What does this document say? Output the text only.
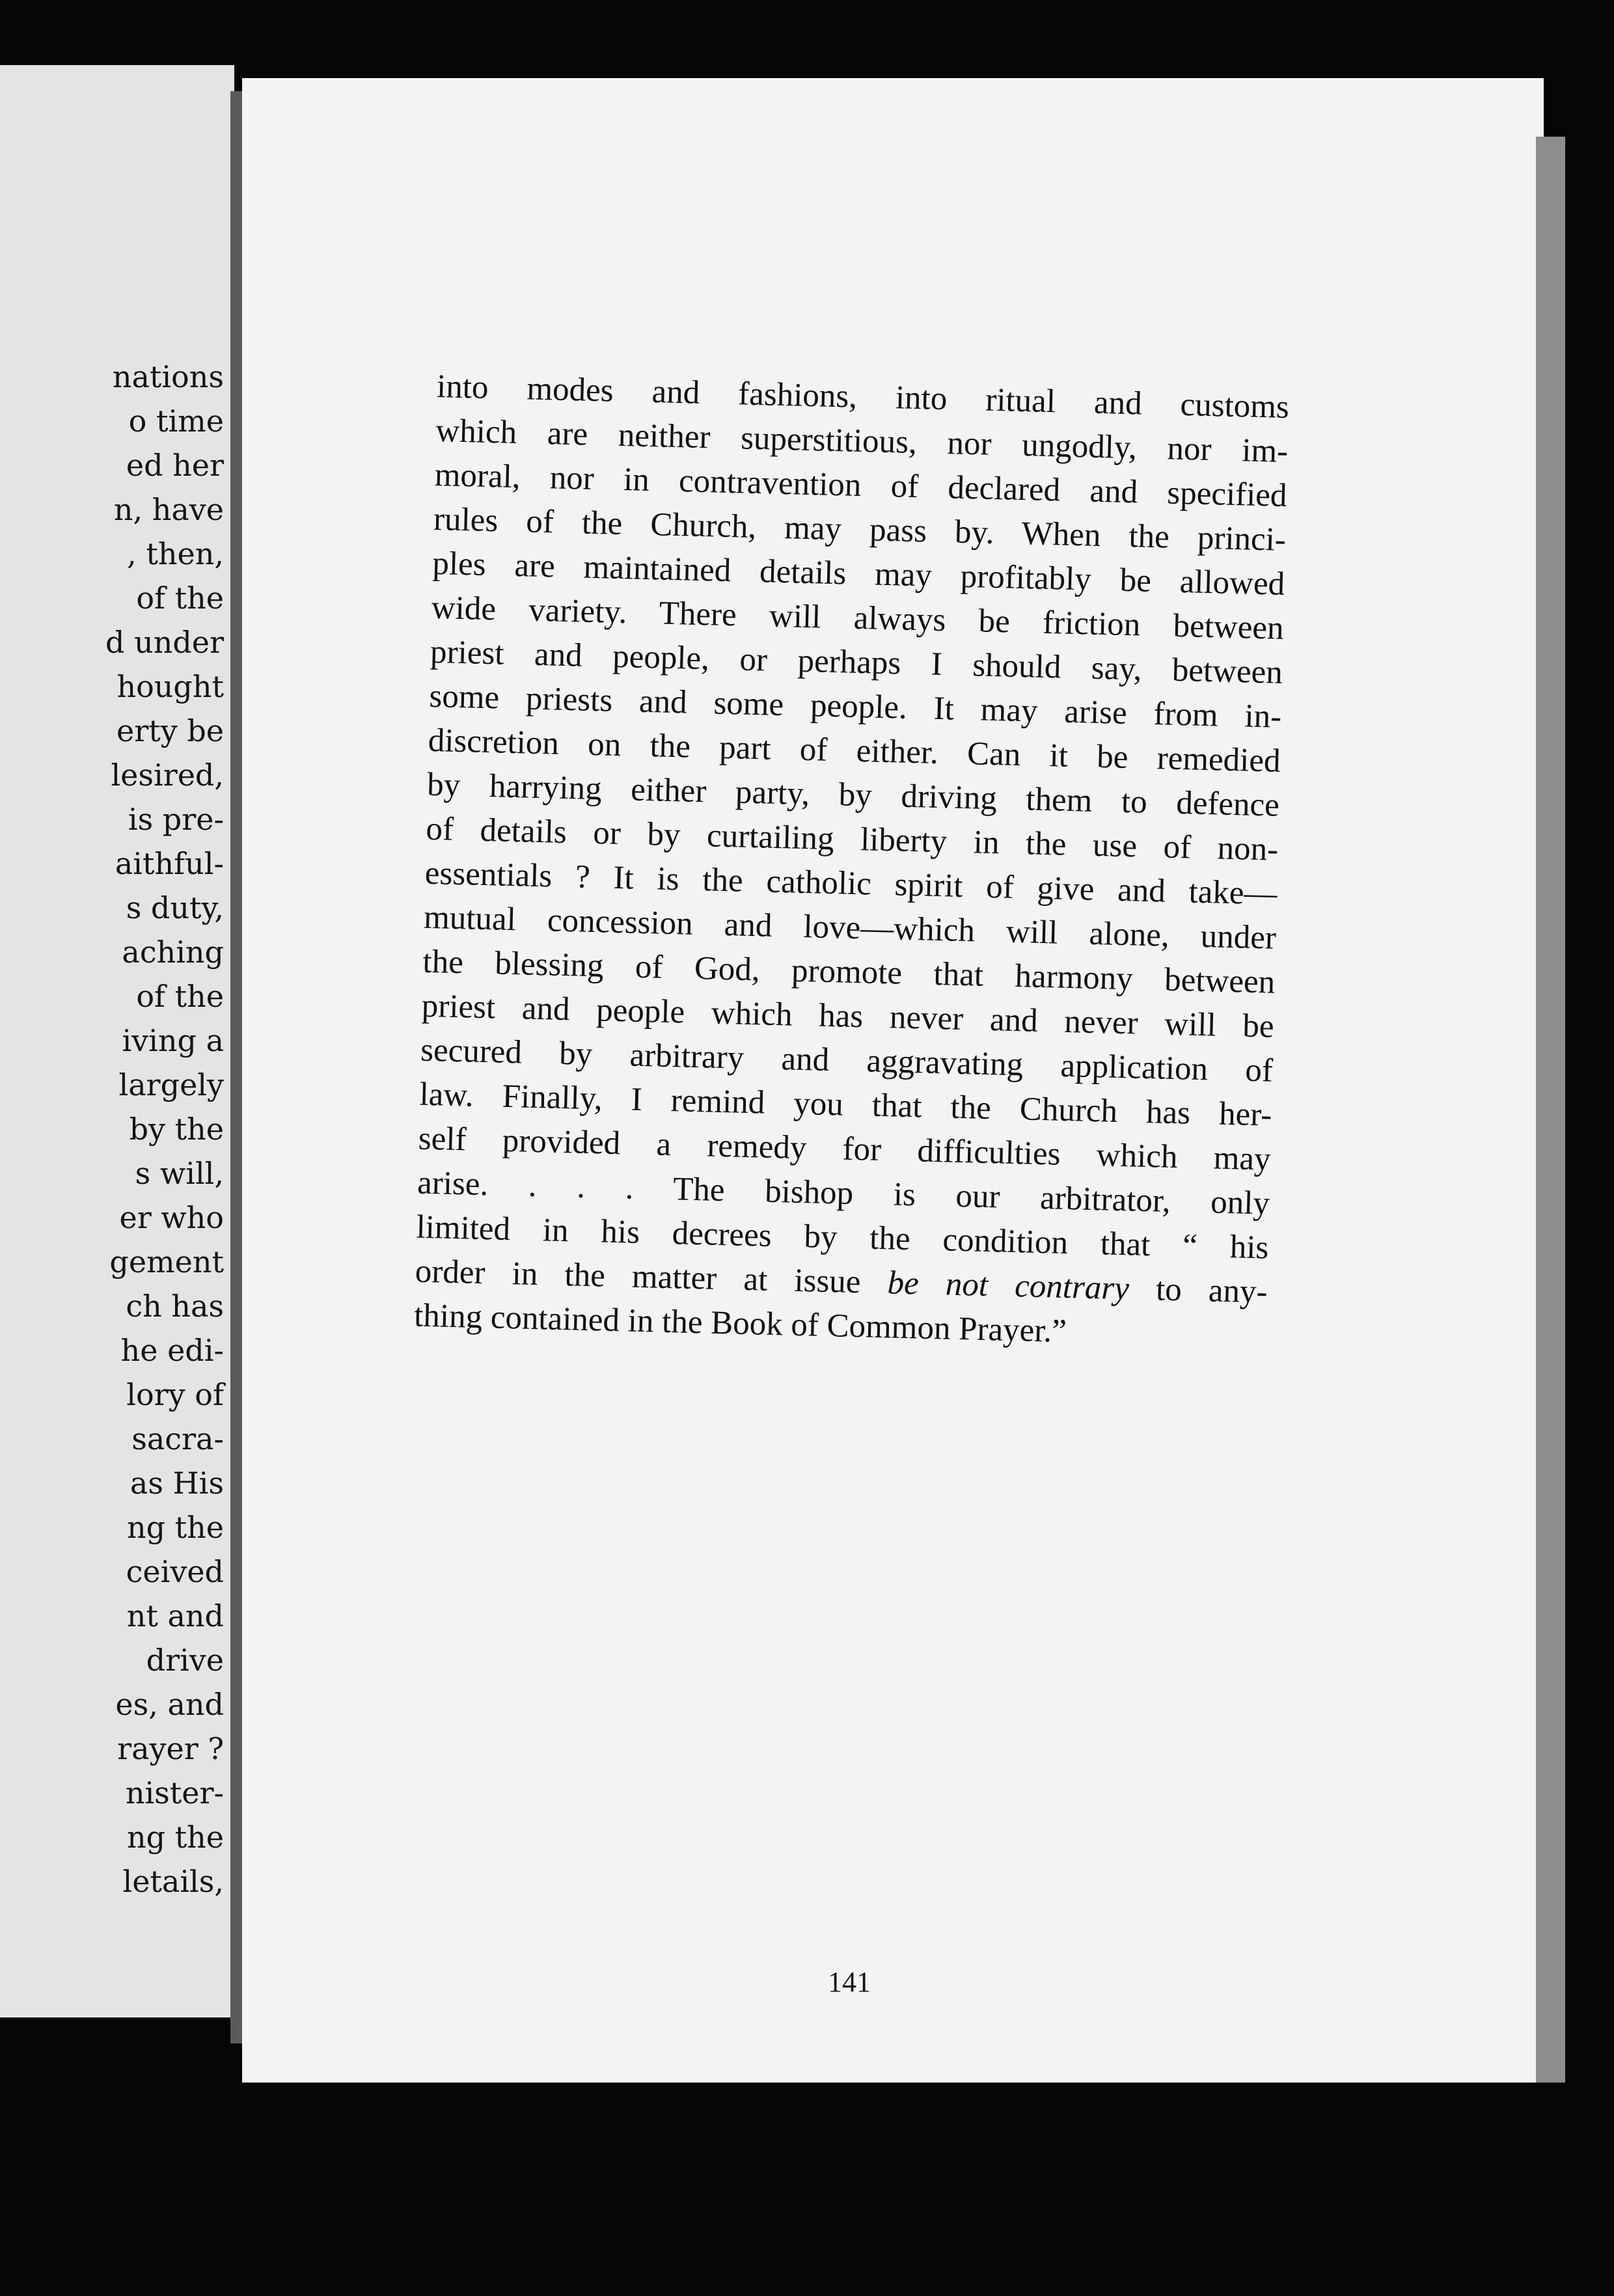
nations
o time
ed her
n, have
, then,
of the
d under
hought
erty be
lesired,
is pre-
aithful-
s duty,
aching
of the
iving a
largely
by the
s will,
er who
gement
ch has
he edi-
lory of
sacra-
as His
ng the
ceived
nt and
drive
es, and
rayer ?
nister-
ng the
letails,
into modes and fashions, into ritual and customs
which are neither superstitious, nor ungodly, nor im-
moral, nor in contravention of declared and specified
rules of the Church, may pass by. When the princi-
ples are maintained details may profitably be allowed
wide variety. There will always be friction between
priest and people, or perhaps I should say, between
some priests and some people. It may arise from in-
discretion on the part of either. Can it be remedied
by harrying either party, by driving them to defence
of details or by curtailing liberty in the use of non-
essentials ? It is the catholic spirit of give and take—
mutual concession and love—which will alone, under
the blessing of God, promote that harmony between
priest and people which has never and never will be
secured by arbitrary and aggravating application of
law. Finally, I remind you that the Church has her-
self provided a remedy for difficulties which may
arise. . . . The bishop is our arbitrator, only
limited in his decrees by the condition that “ his
order in the matter at issue be not contrary to any-
thing contained in the Book of Common Prayer.”
141
